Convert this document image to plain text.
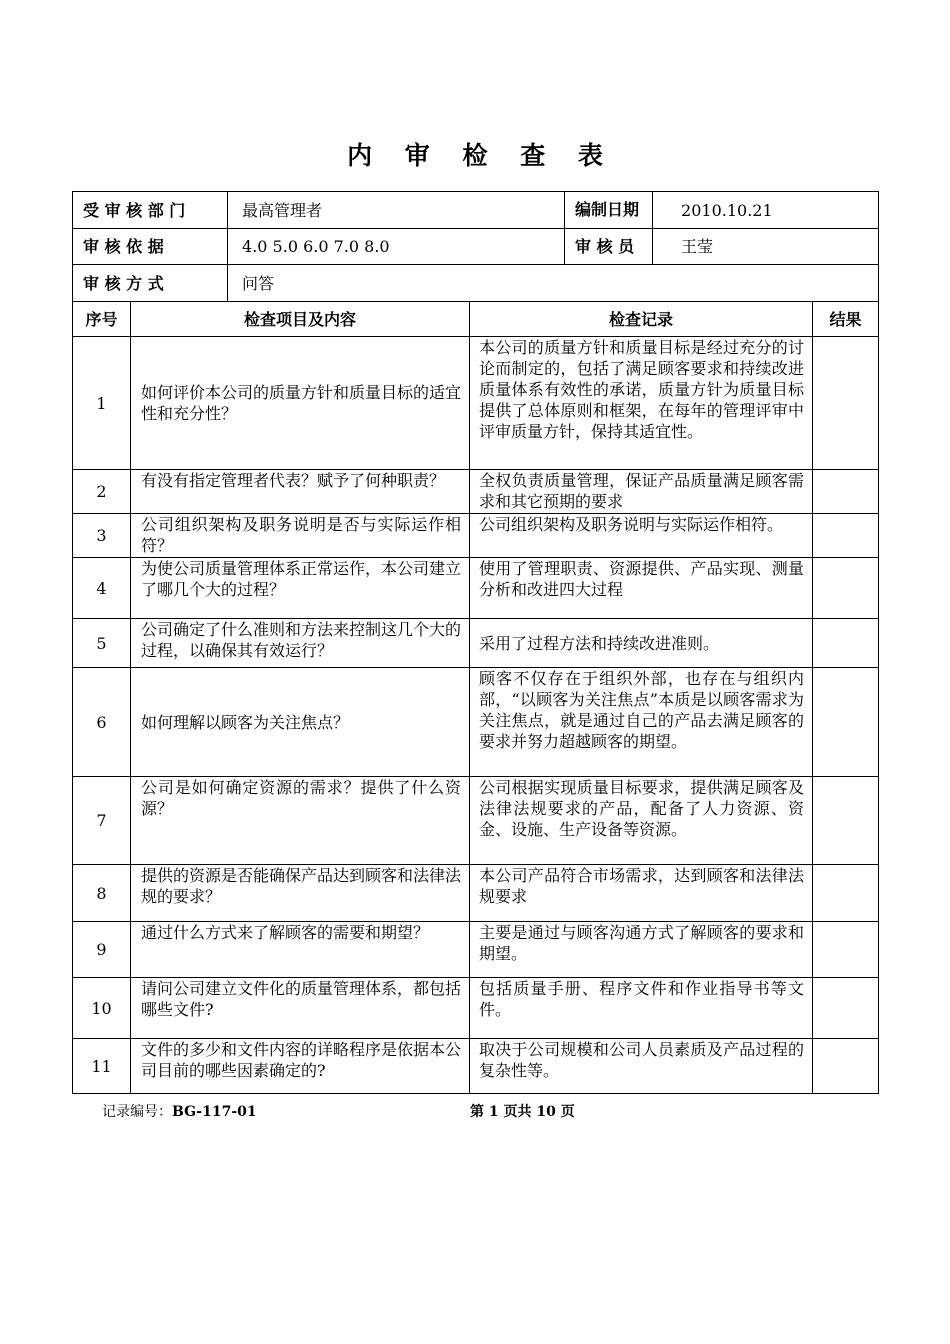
内 审 检 查 表
受 审 核 部 门		最高管理者		编制日期 2010.10.21	

审 核 依 据		4.0 5.0 6.0 7.0 8.0		审 核 员 王莹	

审 核 方 式		问答			
序号	检查项目及内容		检查记录		结果
1	如何评价本公司的质量方针和质量目标的适宜性和充分性？		本公司的质量方针和质量目标是经过充分的讨论而制定的，包括了满足顾客要求和持续改进质量体系有效性的承诺，质量方针为质量目标提供了总体原则和框架，在每年的管理评审中评审质量方针，保持其适宜性。		

2	有没有指定管理者代表？赋予了何种职责？		全权负责质量管理，保证产品质量满足顾客需求和其它预期的要求		

3	公司组织架构及职务说明是否与实际运作相符？		公司组织架构及职务说明与实际运作相符。		

4	为使公司质量管理体系正常运作，本公司建立了哪几个大的过程？		使用了管理职责、资源提供、产品实现、测量分析和改进四大过程		

5	公司确定了什么准则和方法来控制这几个大的过程，以确保其有效运行？		采用了过程方法和持续改进准则。		

6	如何理解以顾客为关注焦点？		顾客不仅存在于组织外部，也存在与组织内部，“以顾客为关注焦点”本质是以顾客需求为关注焦点，就是通过自己的产品去满足顾客的要求并努力超越顾客的期望。		

7	公司是如何确定资源的需求？提供了什么资源？		公司根据实现质量目标要求，提供满足顾客及法律法规要求的产品，配备了人力资源、资金、设施、生产设备等资源。		

8	提供的资源是否能确保产品达到顾客和法律法规的要求？		本公司产品符合市场需求，达到顾客和法律法规要求		

9	通过什么方式来了解顾客的需要和期望？		主要是通过与顾客沟通方式了解顾客的要求和期望。		

10	请问公司建立文件化的质量管理体系，都包括哪些文件?		包括质量手册、程序文件和作业指导书等文件。		

11	文件的多少和文件内容的详略程序是依据本公司目前的哪些因素确定的?		取决于公司规模和公司人员素质及产品过程的复杂性等。		

记录编号：BG-117-01	第 1 页共 10 页
